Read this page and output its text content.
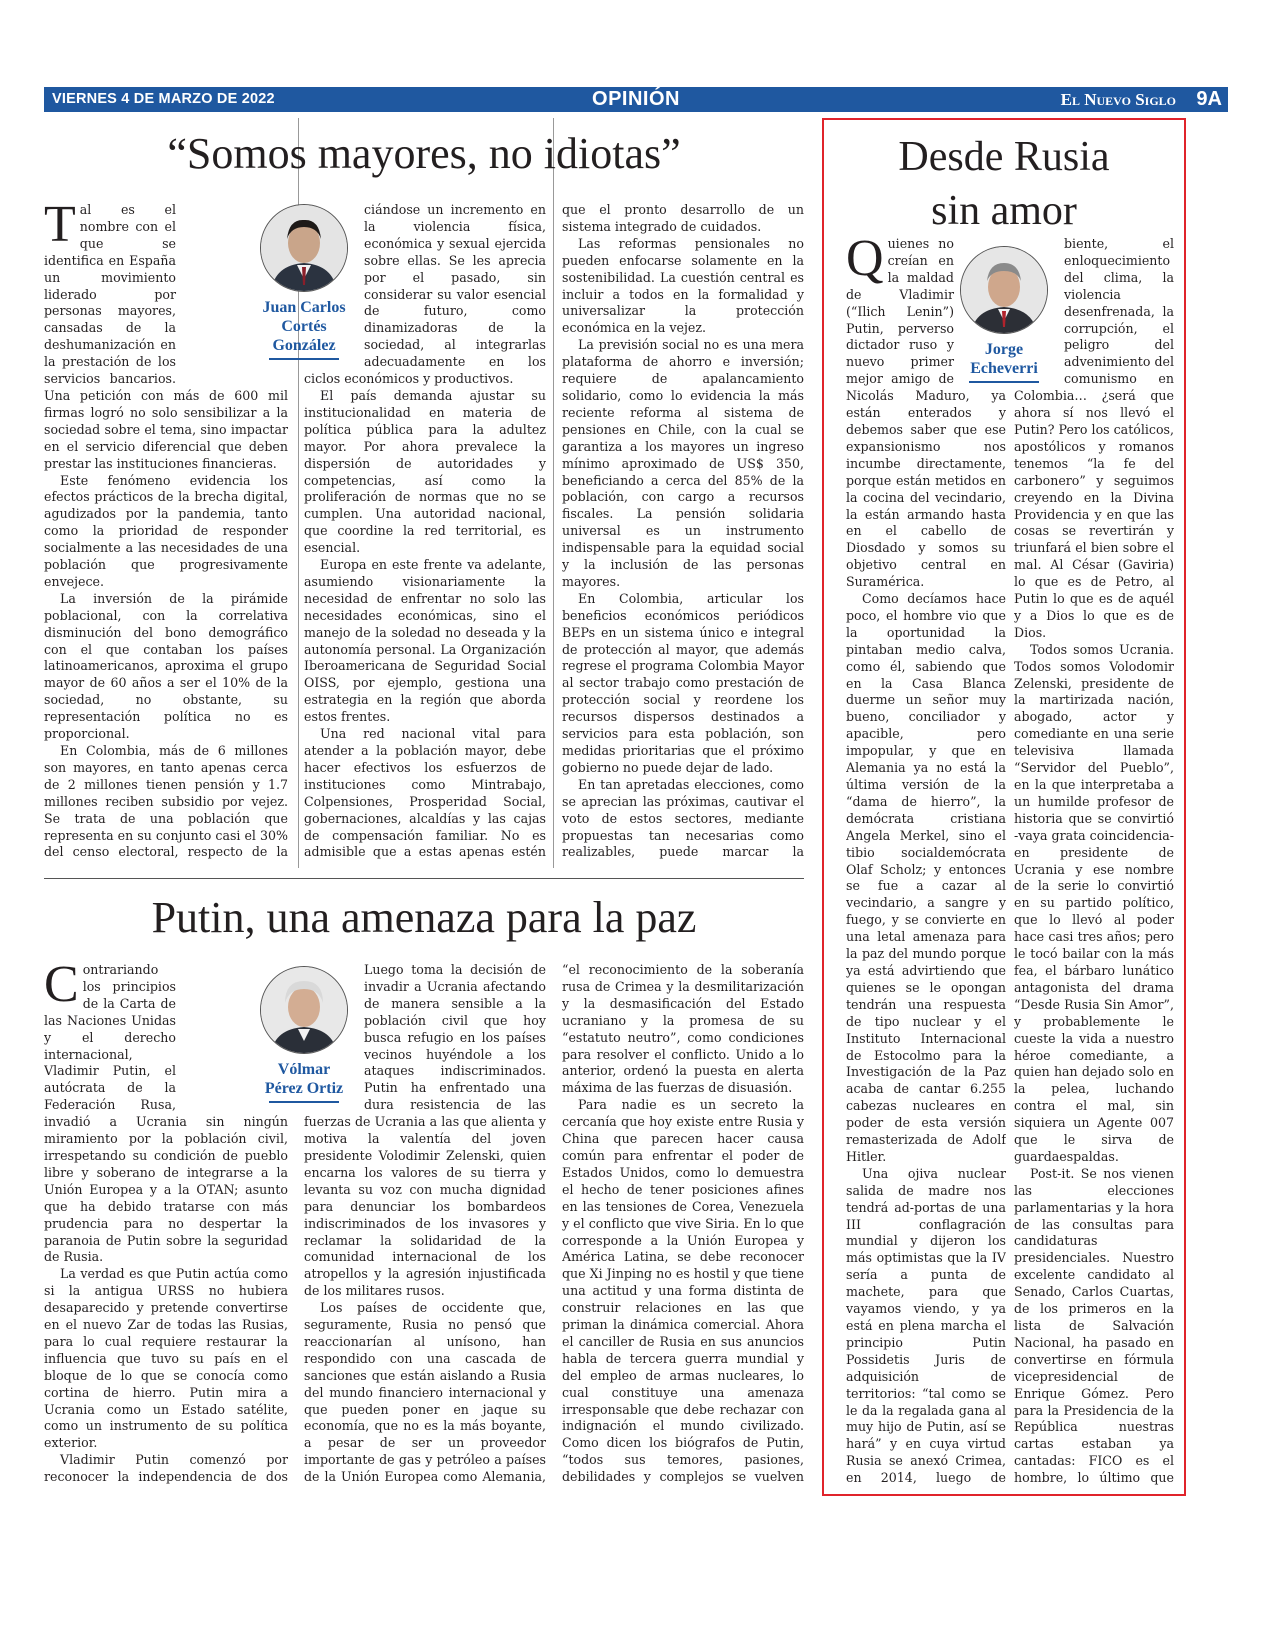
VIERNES 4 DE MARZO DE 2022	OPINIÓN	El Nuevo Siglo 9A
“Somos mayores, no idiotas”
Juan Carlos
Cortés
González

Tal es el nombre con el que se identifica en España un movimiento liderado por personas mayores, cansadas de la deshumanización en la prestación de los servicios bancarios. Una petición con más de 600 mil firmas logró no solo sensibilizar a la sociedad sobre el tema, sino impactar en el servicio diferencial que deben prestar las instituciones financieras.

Este fenómeno evidencia los efectos prácticos de la brecha digital, agudizados por la pandemia, tanto como la prioridad de responder socialmente a las necesidades de una población que progresivamente envejece.

La inversión de la pirámide poblacional, con la correlativa disminución del bono demográfico con el que contaban los países latinoamericanos, aproxima el grupo mayor de 60 años a ser el 10% de la sociedad, no obstante, su representación política no es proporcional.

En Colombia, más de 6 millones son mayores, en tanto apenas cerca de 2 millones tienen pensión y 1.7 millones reciben subsidio por vejez. Se trata de una población que representa en su conjunto casi el 30% del censo electoral, respecto de la

ciándose un incremento en la violencia física, económica y sexual ejercida sobre ellas. Se les aprecia por el pasado, sin considerar su valor esencial de futuro, como dinamizadoras de la sociedad, al integrarlas adecuadamente en los ciclos económicos y productivos.

El país demanda ajustar su institucionalidad en materia de política pública para la adultez mayor. Por ahora prevalece la dispersión de autoridades y competencias, así como la proliferación de normas que no se cumplen. Una autoridad nacional, que coordine la red territorial, es esencial.

Europa en este frente va adelante, asumiendo visionariamente la necesidad de enfrentar no solo las necesidades económicas, sino el manejo de la soledad no deseada y la autonomía personal. La Organización Iberoamericana de Seguridad Social OISS, por ejemplo, gestiona una estrategia en la región que aborda estos frentes.

Una red nacional vital para atender a la población mayor, debe hacer efectivos los esfuerzos de instituciones como Mintrabajo, Colpensiones, Prosperidad Social, gobernaciones, alcaldías y las cajas de compensación familiar. No es admisible que a estas apenas estén

que el pronto desarrollo de un sistema integrado de cuidados.

Las reformas pensionales no pueden enfocarse solamente en la sostenibilidad. La cuestión central es incluir a todos en la formalidad y universalizar la protección económica en la vejez.

La previsión social no es una mera plataforma de ahorro e inversión; requiere de apalancamiento solidario, como lo evidencia la más reciente reforma al sistema de pensiones en Chile, con la cual se garantiza a los mayores un ingreso mínimo aproximado de US$ 350, beneficiando a cerca del 85% de la población, con cargo a recursos fiscales. La pensión solidaria universal es un instrumento indispensable para la equidad social y la inclusión de las personas mayores.

En Colombia, articular los beneficios económicos periódicos BEPs en un sistema único e integral de protección al mayor, que además regrese el programa Colombia Mayor al sector trabajo como prestación de protección social y reordene los recursos dispersos destinados a servicios para esta población, son medidas prioritarias que el próximo gobierno no puede dejar de lado.

En tan apretadas elecciones, como se aprecian las próximas, cautivar el voto de estos sectores, mediante propuestas tan necesarias como realizables, puede marcar la

Putin, una amenaza para la paz
Vólmar
Pérez Ortiz

Contrariando los principios de la Carta de las Naciones Unidas y el derecho internacional, Vladimir Putin, el autócrata de la Federación Rusa, invadió a Ucrania sin ningún miramiento por la población civil, irrespetando su condición de pueblo libre y soberano de integrarse a la Unión Europea y a la OTAN; asunto que ha debido tratarse con más prudencia para no despertar la paranoia de Putin sobre la seguridad de Rusia.

La verdad es que Putin actúa como si la antigua URSS no hubiera desaparecido y pretende convertirse en el nuevo Zar de todas las Rusias, para lo cual requiere restaurar la influencia que tuvo su país en el bloque de lo que se conocía como cortina de hierro. Putin mira a Ucrania como un Estado satélite, como un instrumento de su política exterior.

Vladimir Putin comenzó por reconocer la independencia de dos

Luego toma la decisión de invadir a Ucrania afectando de manera sensible a la población civil que hoy busca refugio en los países vecinos huyéndole a los ataques indiscriminados. Putin ha enfrentado una dura resistencia de las fuerzas de Ucrania a las que alienta y motiva la valentía del joven presidente Volodimir Zelenski, quien encarna los valores de su tierra y levanta su voz con mucha dignidad para denunciar los bombardeos indiscriminados de los invasores y reclamar la solidaridad de la comunidad internacional de los atropellos y la agresión injustificada de los militares rusos.

Los países de occidente que, seguramente, Rusia no pensó que reaccionarían al unísono, han respondido con una cascada de sanciones que están aislando a Rusia del mundo financiero internacional y que pueden poner en jaque su economía, que no es la más boyante, a pesar de ser un proveedor importante de gas y petróleo a países de la Unión Europea como Alemania,

“el reconocimiento de la soberanía rusa de Crimea y la desmilitarización y la desmasificación del Estado ucraniano y la promesa de su “estatuto neutro”, como condiciones para resolver el conflicto. Unido a lo anterior, ordenó la puesta en alerta máxima de las fuerzas de disuasión.

Para nadie es un secreto la cercanía que hoy existe entre Rusia y China que parecen hacer causa común para enfrentar el poder de Estados Unidos, como lo demuestra el hecho de tener posiciones afines en las tensiones de Corea, Venezuela y el conflicto que vive Siria. En lo que corresponde a la Unión Europea y América Latina, se debe reconocer que Xi Jinping no es hostil y que tiene una actitud y una forma distinta de construir relaciones en las que priman la dinámica comercial. Ahora el canciller de Rusia en sus anuncios habla de tercera guerra mundial y del empleo de armas nucleares, lo cual constituye una amenaza irresponsable que debe rechazar con indignación el mundo civilizado. Como dicen los biógrafos de Putin, “todos sus temores, pasiones, debilidades y complejos se vuelven

Desde Rusia
sin amor
Jorge
Echeverri

Quienes no creían en la maldad de Vladimir (“Ilich Lenin”) Putin, perverso dictador ruso y nuevo primer mejor amigo de Nicolás Maduro, ya están enterados y debemos saber que ese expansionismo nos incumbe directamente, porque están metidos en la cocina del vecindario, la están armando hasta en el cabello de Diosdado y somos su objetivo central en Suramérica.

Como decíamos hace poco, el hombre vio que la oportunidad la pintaban medio calva, como él, sabiendo que en la Casa Blanca duerme un señor muy bueno, conciliador y apacible, pero impopular, y que en Alemania ya no está la última versión de la “dama de hierro”, la demócrata cristiana Angela Merkel, sino el tibio socialdemócrata Olaf Scholz; y entonces se fue a cazar al vecindario, a sangre y fuego, y se convierte en una letal amenaza para la paz del mundo porque ya está advirtiendo que quienes se le opongan tendrán una respuesta de tipo nuclear y el Instituto Internacional de Estocolmo para la Investigación de la Paz acaba de cantar 6.255 cabezas nucleares en poder de esta versión remasterizada de Adolf Hitler.

Una ojiva nuclear salida de madre nos tendrá ad-portas de una III conflagración mundial y dijeron los más optimistas que la IV sería a punta de machete, para que vayamos viendo, y ya está en plena marcha el principio Putin Possidetis Juris de adquisición de territorios: “tal como se le da la regalada gana al muy hijo de Putin, así se hará” y en cuya virtud Rusia se anexó Crimea, en 2014, luego de

biente, el enloquecimiento del clima, la violencia desenfrenada, la corrupción, el peligro del advenimiento del comunismo en Colombia… ¿será que ahora sí nos llevó el Putin? Pero los católicos, apostólicos y romanos tenemos “la fe del carbonero” y seguimos creyendo en la Divina Providencia y en que las cosas se revertirán y triunfará el bien sobre el mal. Al César (Gaviria) lo que es de Petro, al Putin lo que es de aquél y a Dios lo que es de Dios.

Todos somos Ucrania. Todos somos Volodomir Zelenski, presidente de la martirizada nación, abogado, actor y comediante en una serie televisiva llamada “Servidor del Pueblo”, en la que interpretaba a un humilde profesor de historia que se convirtió -vaya grata coincidencia- en presidente de Ucrania y ese nombre de la serie lo convirtió en su partido político, que lo llevó al poder hace casi tres años; pero le tocó bailar con la más fea, el bárbaro lunático antagonista del drama “Desde Rusia Sin Amor”, y probablemente le cueste la vida a nuestro héroe comediante, a quien han dejado solo en la pelea, luchando contra el mal, sin siquiera un Agente 007 que le sirva de guardaespaldas.

Post-it. Se nos vienen las elecciones parlamentarias y la hora de las consultas para candidaturas presidenciales. Nuestro excelente candidato al Senado, Carlos Cuartas, de los primeros en la lista de Salvación Nacional, ha pasado en convertirse en fórmula vicepresidencial de Enrique Gómez. Pero para la Presidencia de la República nuestras cartas estaban ya cantadas: FICO es el hombre, lo último que
